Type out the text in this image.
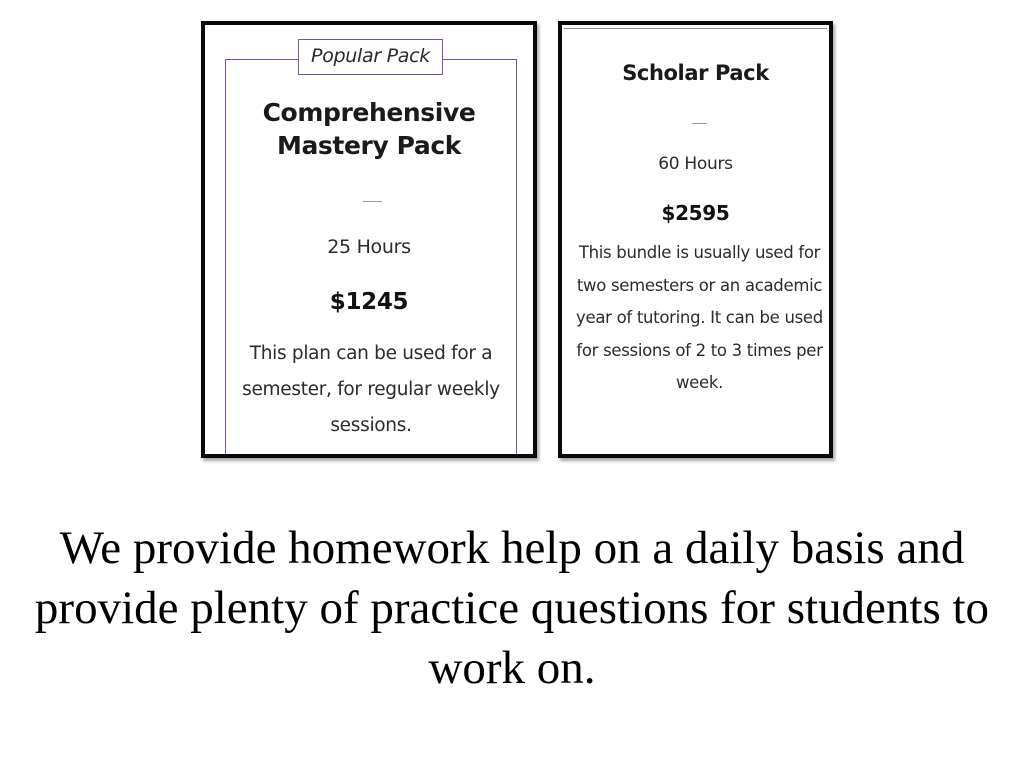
Popular Pack
Comprehensive Mastery Pack
25 Hours
$1245
This plan can be used for a semester, for regular weekly sessions.
Scholar Pack
60 Hours
$2595
This bundle is usually used for two semesters or an academic year of tutoring. It can be used for sessions of 2 to 3 times per week.
We provide homework help on a daily basis and provide plenty of practice questions for students to work on.
